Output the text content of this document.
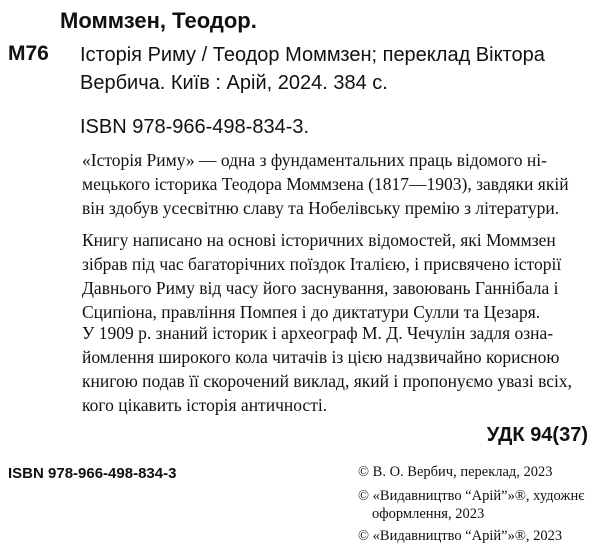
Моммзен, Теодор.
М76 Історія Риму / Теодор Моммзен; переклад Віктора
Вербича. Київ : Арій, 2024. 384 с.
ISBN 978-966-498-834-3.
«Історія Риму» — одна з фундаментальних праць відомого ні-
мецького історика Теодора Моммзена (1817—1903), завдяки якій
він здобув усесвітню славу та Нобелівську премію з літератури.
Книгу написано на основі історичних відомостей, які Моммзен
зібрав під час багаторічних поїздок Італією, і присвячено історії
Давнього Риму від часу його заснування, завоювань Ганнібала і
Сципіона, правління Помпея і до диктатури Сулли та Цезаря.
У 1909 р. знаний історик і археограф М. Д. Чечулін задля озна-
йомлення широкого кола читачів із цією надзвичайно корисною
книгою подав її скорочений виклад, який і пропонуємо увазі всіх,
кого цікавить історія античності.
УДК 94(37)
ISBN 978-966-498-834-3	© В. О. Вербич, переклад, 2023
© «Видавництво “Арій”»®, художнє
оформлення, 2023
© «Видавництво “Арій”»®, 2023
